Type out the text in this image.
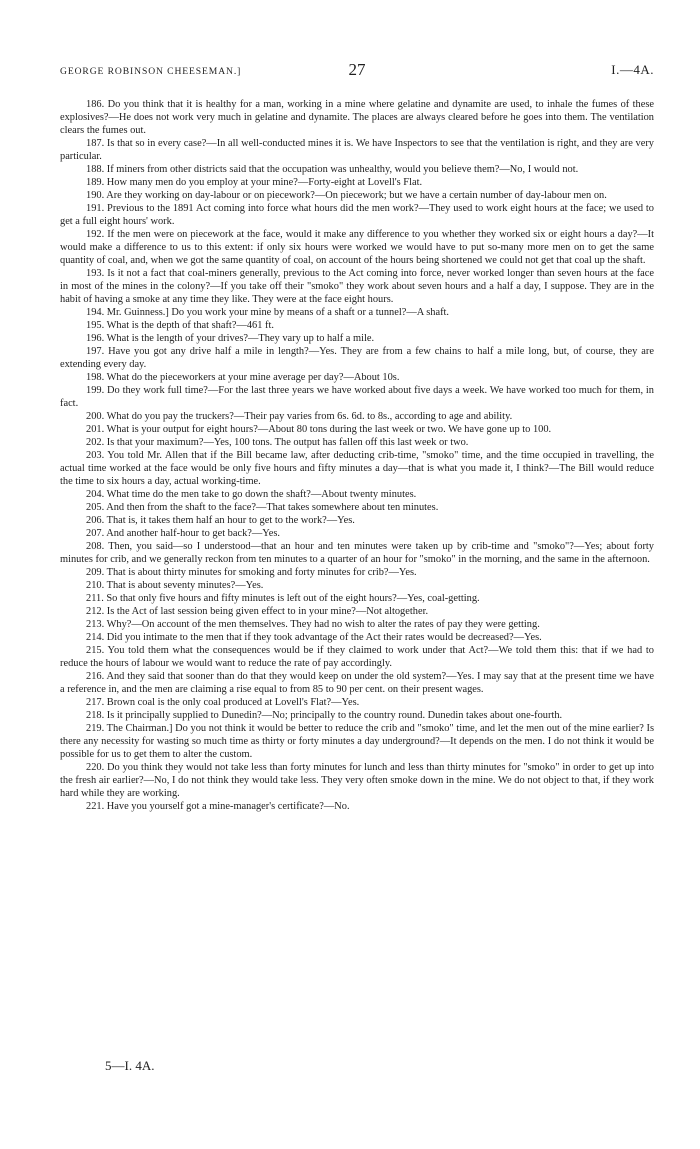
GEORGE ROBINSON CHEESEMAN.]	27	I.—4A.

186. Do you think that it is healthy for a man, working in a mine where gelatine and dynamite are used, to inhale the fumes of these explosives?—He does not work very much in gelatine and dynamite. The places are always cleared before he goes into them. The ventilation clears the fumes out.

187. Is that so in every case?—In all well-conducted mines it is. We have Inspectors to see that the ventilation is right, and they are very particular.

188. If miners from other districts said that the occupation was unhealthy, would you believe them?—No, I would not.

189. How many men do you employ at your mine?—Forty-eight at Lovell's Flat.

190. Are they working on day-labour or on piecework?—On piecework; but we have a certain number of day-labour men on.

191. Previous to the 1891 Act coming into force what hours did the men work?—They used to work eight hours at the face; we used to get a full eight hours' work.

192. If the men were on piecework at the face, would it make any difference to you whether they worked six or eight hours a day?—It would make a difference to us to this extent: if only six hours were worked we would have to put so-many more men on to get the same quantity of coal, and, when we got the same quantity of coal, on account of the hours being shortened we could not get that coal up the shaft.

193. Is it not a fact that coal-miners generally, previous to the Act coming into force, never worked longer than seven hours at the face in most of the mines in the colony?—If you take off their "smoko" they work about seven hours and a half a day, I suppose. They are in the habit of having a smoke at any time they like. They were at the face eight hours.

194. Mr. Guinness.] Do you work your mine by means of a shaft or a tunnel?—A shaft.

195. What is the depth of that shaft?—461 ft.

196. What is the length of your drives?—They vary up to half a mile.

197. Have you got any drive half a mile in length?—Yes. They are from a few chains to half a mile long, but, of course, they are extending every day.

198. What do the pieceworkers at your mine average per day?—About 10s.

199. Do they work full time?—For the last three years we have worked about five days a week. We have worked too much for them, in fact.

200. What do you pay the truckers?—Their pay varies from 6s. 6d. to 8s., according to age and ability.

201. What is your output for eight hours?—About 80 tons during the last week or two. We have gone up to 100.

202. Is that your maximum?—Yes, 100 tons. The output has fallen off this last week or two.

203. You told Mr. Allen that if the Bill became law, after deducting crib-time, "smoko" time, and the time occupied in travelling, the actual time worked at the face would be only five hours and fifty minutes a day—that is what you made it, I think?—The Bill would reduce the time to six hours a day, actual working-time.

204. What time do the men take to go down the shaft?—About twenty minutes.

205. And then from the shaft to the face?—That takes somewhere about ten minutes.

206. That is, it takes them half an hour to get to the work?—Yes.

207. And another half-hour to get back?—Yes.

208. Then, you said—so I understood—that an hour and ten minutes were taken up by crib-time and "smoko"?—Yes; about forty minutes for crib, and we generally reckon from ten minutes to a quarter of an hour for "smoko" in the morning, and the same in the afternoon.

209. That is about thirty minutes for smoking and forty minutes for crib?—Yes.

210. That is about seventy minutes?—Yes.

211. So that only five hours and fifty minutes is left out of the eight hours?—Yes, coal-getting.

212. Is the Act of last session being given effect to in your mine?—Not altogether.

213. Why?—On account of the men themselves. They had no wish to alter the rates of pay they were getting.

214. Did you intimate to the men that if they took advantage of the Act their rates would be decreased?—Yes.

215. You told them what the consequences would be if they claimed to work under that Act?—We told them this: that if we had to reduce the hours of labour we would want to reduce the rate of pay accordingly.

216. And they said that sooner than do that they would keep on under the old system?—Yes. I may say that at the present time we have a reference in, and the men are claiming a rise equal to from 85 to 90 per cent. on their present wages.

217. Brown coal is the only coal produced at Lovell's Flat?—Yes.

218. Is it principally supplied to Dunedin?—No; principally to the country round. Dunedin takes about one-fourth.

219. The Chairman.] Do you not think it would be better to reduce the crib and "smoko" time, and let the men out of the mine earlier? Is there any necessity for wasting so much time as thirty or forty minutes a day underground?—It depends on the men. I do not think it would be possible for us to get them to alter the custom.

220. Do you think they would not take less than forty minutes for lunch and less than thirty minutes for "smoko" in order to get up into the fresh air earlier?—No, I do not think they would take less. They very often smoke down in the mine. We do not object to that, if they work hard while they are working.

221. Have you yourself got a mine-manager's certificate?—No.

5—I. 4A.
